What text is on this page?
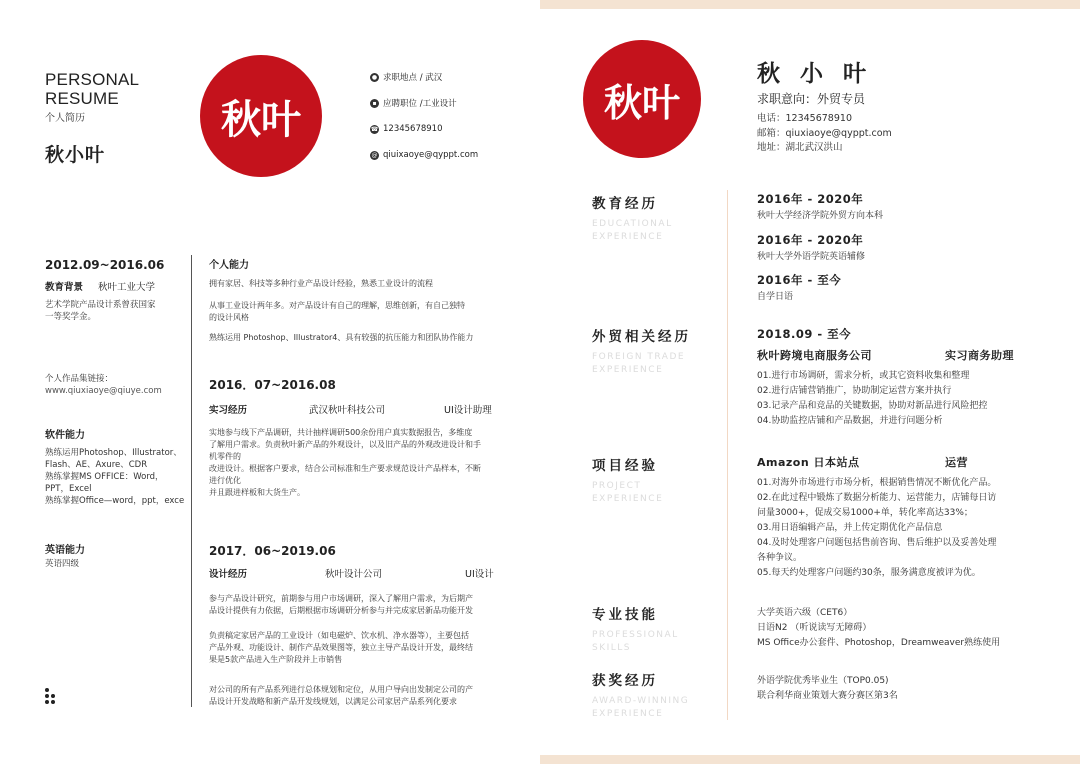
PERSONAL
RESUME
个人简历
秋小叶
秋叶
● 求职地点 / 武汉
▪ 应聘职位 /工业设计
☎ 12345678910
@ qiuixaoye@qyppt.com
2012.09~2016.06
教育背景 秋叶工业大学
艺术学院产品设计系曾获国家
一等奖学金。
个人作品集链接：
www.qiuxiaoye@qiuye.com
软件能力
熟练运用Photoshop、Illustrator、
Flash、AE、Axure、CDR
熟练掌握MS OFFICE：Word，
PPT，Excel
熟练掌握Office—word，ppt，exce
英语能力
英语四级
个人能力
拥有家居、科技等多种行业产品设计经验，熟悉工业设计的流程
从事工业设计两年多。对产品设计有自己的理解，思维创新，有自己独特
的设计风格
熟练运用 Photoshop、Illustrator4、具有较强的抗压能力和团队协作能力
2016．07~2016.08
实习经历	武汉秋叶科技公司	UI设计助理
实地参与线下产品调研，共计抽样调研500余份用户真实数据报告，多维度
了解用户需求。负责秋叶新产品的外观设计，以及旧产品的外观改进设计和手
机零件的
改进设计。根据客户要求，结合公司标准和生产要求规范设计产品样本，不断
进行优化
并且跟进样板和大货生产。
2017．06~2019.06
设计经历	秋叶设计公司	UI设计
参与产品设计研究，前期参与用户市场调研，深入了解用户需求，为后期产
品设计提供有力依据，后期根据市场调研分析参与并完成家居新品功能开发
负责稿定家居产品的工业设计（如电磁炉、饮水机、净水器等），主要包括
产品外观、功能设计、制作产品效果图等，独立主导产品设计开发，最终结
果是5款产品进入生产阶段并上市销售
对公司的所有产品系列进行总体规划和定位，从用户导向出发制定公司的产
品设计开发战略和新产品开发线规划，以满足公司家居产品系列化要求
秋叶
秋 小 叶
求职意向：外贸专员
电话：12345678910
邮箱：qiuxiaoye@qyppt.com
地址：湖北武汉洪山
教育经历
EDUCATIONAL
EXPERIENCE
2016年 - 2020年
秋叶大学经济学院外贸方向本科
2016年 - 2020年
秋叶大学外语学院英语辅修
2016年 - 至今
自学日语
外贸相关经历
FOREIGN TRADE
EXPERIENCE
2018.09 - 至今
秋叶跨境电商服务公司	实习商务助理
01.进行市场调研，需求分析，或其它资料收集和整理
02.进行店铺营销推广，协助制定运营方案并执行
03.记录产品和竞品的关键数据，协助对新品进行风险把控
04.协助监控店铺和产品数据，并进行问题分析
项目经验
PROJECT
EXPERIENCE
Amazon 日本站点	运营
01.对海外市场进行市场分析，根据销售情况不断优化产品。
02.在此过程中锻炼了数据分析能力、运营能力，店铺每日访
问量3000+，促成交易1000+单，转化率高达33%；
03.用日语编辑产品，并上传定期优化产品信息
04.及时处理客户问题包括售前咨询、售后维护以及妥善处理
各种争议。
05.每天约处理客户问题约30条，服务满意度被评为优。
专业技能
PROFESSIONAL
SKILLS
大学英语六级（CET6）
日语N2 （听说读写无障碍）
MS Office办公套件、Photoshop，Dreamweaver熟练使用
获奖经历
AWARD-WINNING
EXPERIENCE
外语学院优秀毕业生（TOP0.05)
联合利华商业策划大赛分赛区第3名
